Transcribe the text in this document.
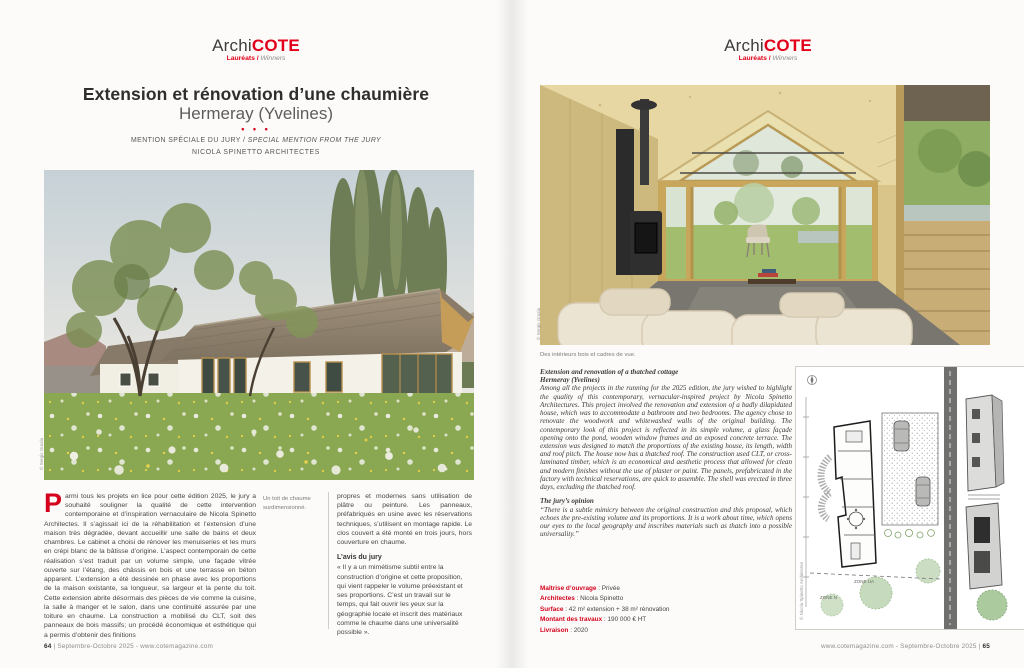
ArchiCOTE
Lauréats / Winners
Extension et rénovation d’une chaumière
Hermeray (Yvelines)
• • •
MENTION SPÉCIALE DU JURY / SPECIAL MENTION FROM THE JURY
NICOLA SPINETTO ARCHITECTES
© Sergio Grazia
Parmi tous les projets en lice pour cette édition 2025, le jury a souhaité souligner la qualité de cette intervention contemporaine et d’inspiration vernaculaire de Nicola Spinetto Architectes. Il s’agissait ici de la réhabilitation et l’extension d’une maison très dégradée, devant accueillir une salle de bains et deux chambres. Le cabinet a choisi de rénover les menuiseries et les murs en crépi blanc de la bâtisse d’origine. L’aspect contemporain de cette réalisation s’est traduit par un volume simple, une façade vitrée ouverte sur l’étang, des châssis en bois et une terrasse en béton apparent. L’extension a été dessinée en phase avec les proportions de la maison existante, sa longueur, sa largeur et la pente du toit. Cette extension abrite désormais des pièces de vie comme la cuisine, la salle à manger et le salon, dans une continuité assurée par une toiture en chaume. La construction a mobilisé du CLT, soit des panneaux de bois massifs; un procédé économique et esthétique qui a permis d’obtenir des finitions
Un toit de chaume surdimensionné.
propres et modernes sans utilisation de plâtre ou peinture. Les panneaux, préfabriqués en usine avec les réservations techniques, s’utilisent en montage rapide. Le clos couvert a été monté en trois jours, hors couverture en chaume.
L’avis du jury
« Il y a un mimétisme subtil entre la construction d’origine et cette proposition, qui vient rappeler le volume préexistant et ses proportions. C’est un travail sur le temps, qui fait ouvrir les yeux sur la géographie locale et inscrit des matériaux comme le chaume dans une universalité possible ».
64 | Septembre-Octobre 2025 - www.cotemagazine.com
ArchiCOTE
Lauréats / Winners
© Sergio Grazia
Des intérieurs bois et cadres de vue.
Extension and renovation of a thatched cottage
Hermeray (Yvelines)
Among all the projects in the running for the 2025 edition, the jury wished to highlight the quality of this contemporary, vernacular-inspired project by Nicola Spinetto Architectures. This project involved the renovation and extension of a badly dilapidated house, which was to accommodate a bathroom and two bedrooms. The agency chose to renovate the woodwork and whitewashed walls of the original building. The contemporary look of this project is reflected in its simple volume, a glass façade opening onto the pond, wooden window frames and an exposed concrete terrace. The extension was designed to match the proportions of the existing house, its length, width and roof pitch. The house now has a thatched roof. The construction used CLT, or cross-laminated timber, which is an economical and aesthetic process that allowed for clean and modern finishes without the use of plaster or paint. The panels, prefabricated in the factory with technical reservations, are quick to assemble. The shell was erected in three days, excluding the thatched roof.
The jury’s opinion
“There is a subtle mimicry between the original construction and this proposal, which echoes the pre-existing volume and its proportions. It is a work about time, which opens our eyes to the local geography and inscribes materials such as thatch into a possible universality.”
Maîtrise d’ouvrage : Privée
Architectes : Nicola Spinetto
Surface : 42 m² extension + 38 m² rénovation
Montant des travaux : 190 000 € HT
Livraison : 2020
ZONE UA
ZONE N
© Nicola Spinetto Architectes
www.cotemagazine.com - Septembre-Octobre 2025 | 65
